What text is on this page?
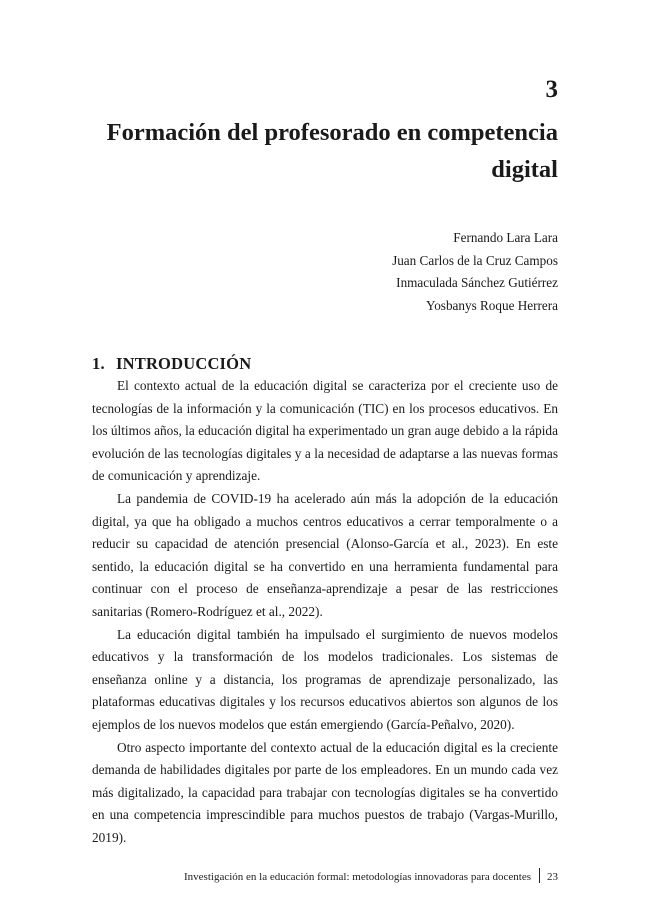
3
Formación del profesorado en competencia digital
Fernando Lara Lara
Juan Carlos de la Cruz Campos
Inmaculada Sánchez Gutiérrez
Yosbanys Roque Herrera
1. INTRODUCCIÓN

El contexto actual de la educación digital se caracteriza por el creciente uso de tecnologías de la información y la comunicación (TIC) en los procesos educativos. En los últimos años, la educación digital ha experimentado un gran auge debido a la rápida evolución de las tecnologías digitales y a la necesidad de adaptarse a las nuevas formas de comunicación y aprendizaje.

La pandemia de COVID-19 ha acelerado aún más la adopción de la educación digital, ya que ha obligado a muchos centros educativos a cerrar temporalmente o a reducir su capacidad de atención presencial (Alonso-García et al., 2023). En este sentido, la educación digital se ha convertido en una herramienta fundamental para continuar con el proceso de enseñanza-aprendizaje a pesar de las restricciones sanitarias (Romero-Rodríguez et al., 2022).

La educación digital también ha impulsado el surgimiento de nuevos modelos educativos y la transformación de los modelos tradicionales. Los sistemas de enseñanza online y a distancia, los programas de aprendizaje personalizado, las plataformas educativas digitales y los recursos educativos abiertos son algunos de los ejemplos de los nuevos modelos que están emergiendo (García-Peñalvo, 2020).

Otro aspecto importante del contexto actual de la educación digital es la creciente demanda de habilidades digitales por parte de los empleadores. En un mundo cada vez más digitalizado, la capacidad para trabajar con tecnologías digitales se ha convertido en una competencia imprescindible para muchos puestos de trabajo (Vargas-Murillo, 2019).

Investigación en la educación formal: metodologías innovadoras para docentes 23
